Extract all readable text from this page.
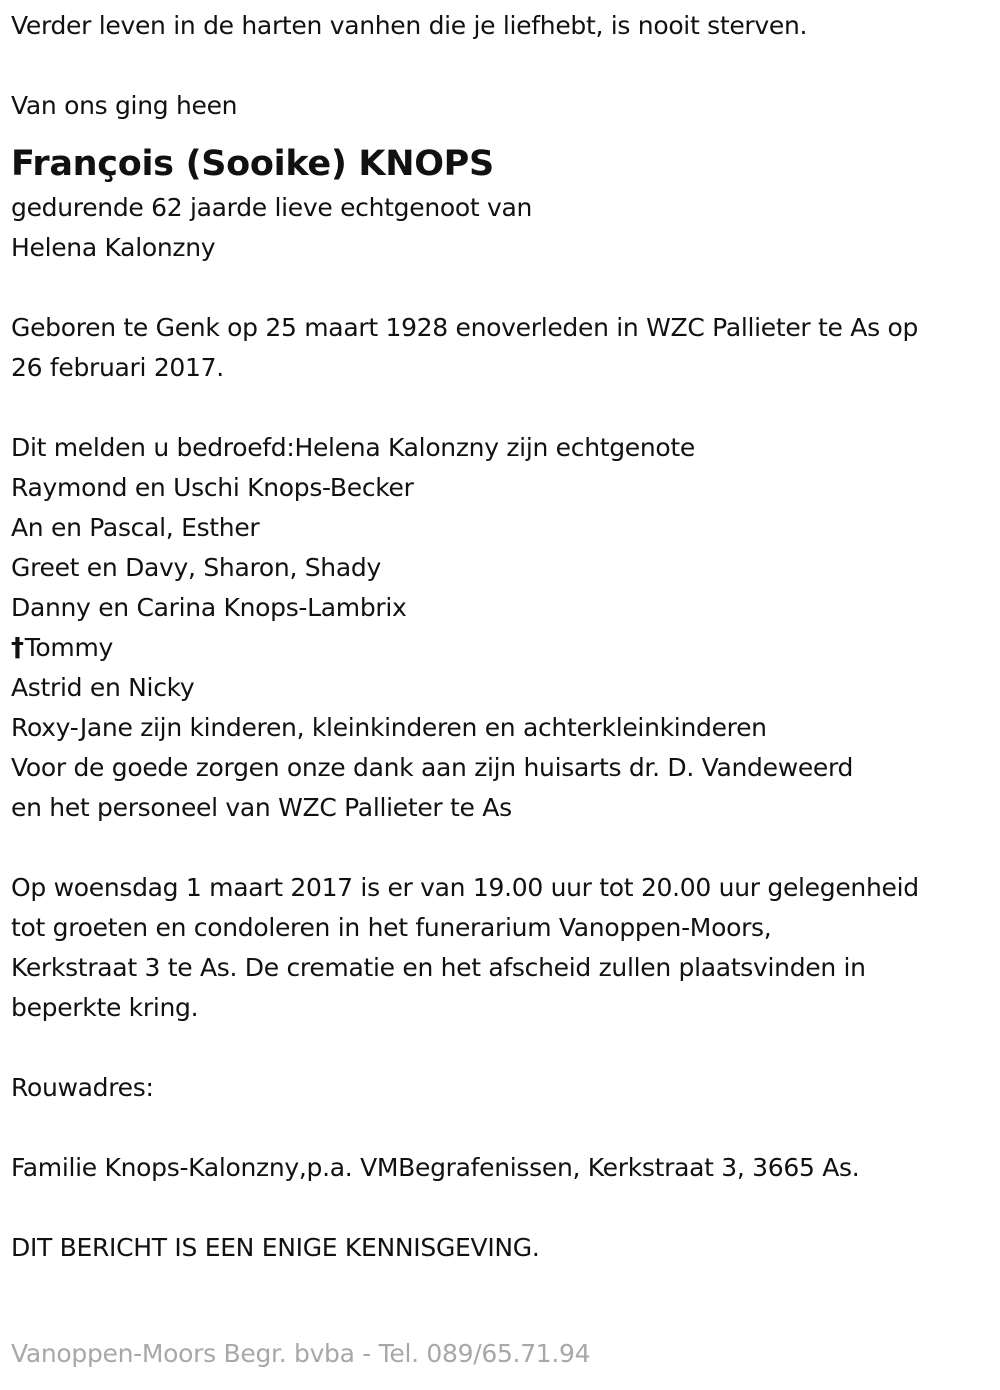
Verder leven in de harten vanhen die je liefhebt, is nooit sterven.
Van ons ging heen
François (Sooike) KNOPS
gedurende 62 jaarde lieve echtgenoot van
Helena Kalonzny
Geboren te Genk op 25 maart 1928 enoverleden in WZC Pallieter te As op
26 februari 2017.
Dit melden u bedroefd:Helena Kalonzny zijn echtgenote
Raymond en Uschi Knops-Becker
An en Pascal, Esther
Greet en Davy, Sharon, Shady
Danny en Carina Knops-Lambrix
†Tommy
Astrid en Nicky
Roxy-Jane zijn kinderen, kleinkinderen en achterkleinkinderen
Voor de goede zorgen onze dank aan zijn huisarts dr. D. Vandeweerd
en het personeel van WZC Pallieter te As
Op woensdag 1 maart 2017 is er van 19.00 uur tot 20.00 uur gelegenheid
tot groeten en condoleren in het funerarium Vanoppen-Moors,
Kerkstraat 3 te As. De crematie en het afscheid zullen plaatsvinden in
beperkte kring.
Rouwadres:
Familie Knops-Kalonzny,p.a. VMBegrafenissen, Kerkstraat 3, 3665 As.
DIT BERICHT IS EEN ENIGE KENNISGEVING.
Vanoppen-Moors Begr. bvba - Tel. 089/65.71.94
